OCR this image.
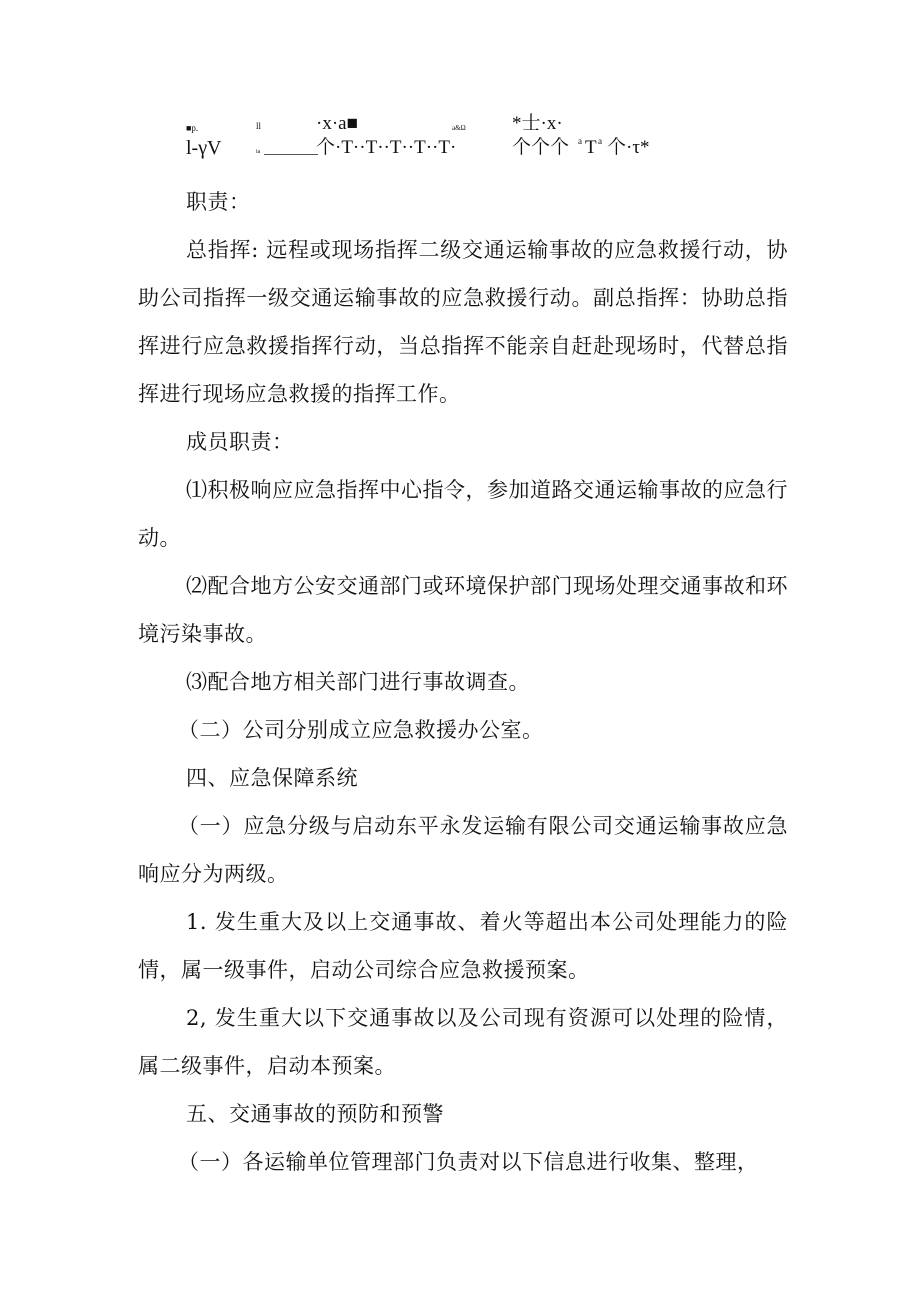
■p.	ll	·x·a■	a&Ω *士·x·
l-γV	ia	个·T··T··T··T··T·	个个个 a T a 个·τ*

职责：

总指挥: 远程或现场指挥二级交通运输事故的应急救援行动，协助公司指挥一级交通运输事故的应急救援行动。副总指挥：协助总指挥进行应急救援指挥行动，当总指挥不能亲自赶赴现场时，代替总指挥进行现场应急救援的指挥工作。

成员职责：

⑴积极响应应急指挥中心指令，参加道路交通运输事故的应急行动。

⑵配合地方公安交通部门或环境保护部门现场处理交通事故和环境污染事故。

⑶配合地方相关部门进行事故调查。

（二）公司分别成立应急救援办公室。

四、应急保障系统

（一）应急分级与启动东平永发运输有限公司交通运输事故应急响应分为两级。

1. 发生重大及以上交通事故、着火等超出本公司处理能力的险情，属一级事件，启动公司综合应急救援预案。

2, 发生重大以下交通事故以及公司现有资源可以处理的险情，属二级事件，启动本预案。

五、交通事故的预防和预警

（一）各运输单位管理部门负责对以下信息进行收集、整理，
